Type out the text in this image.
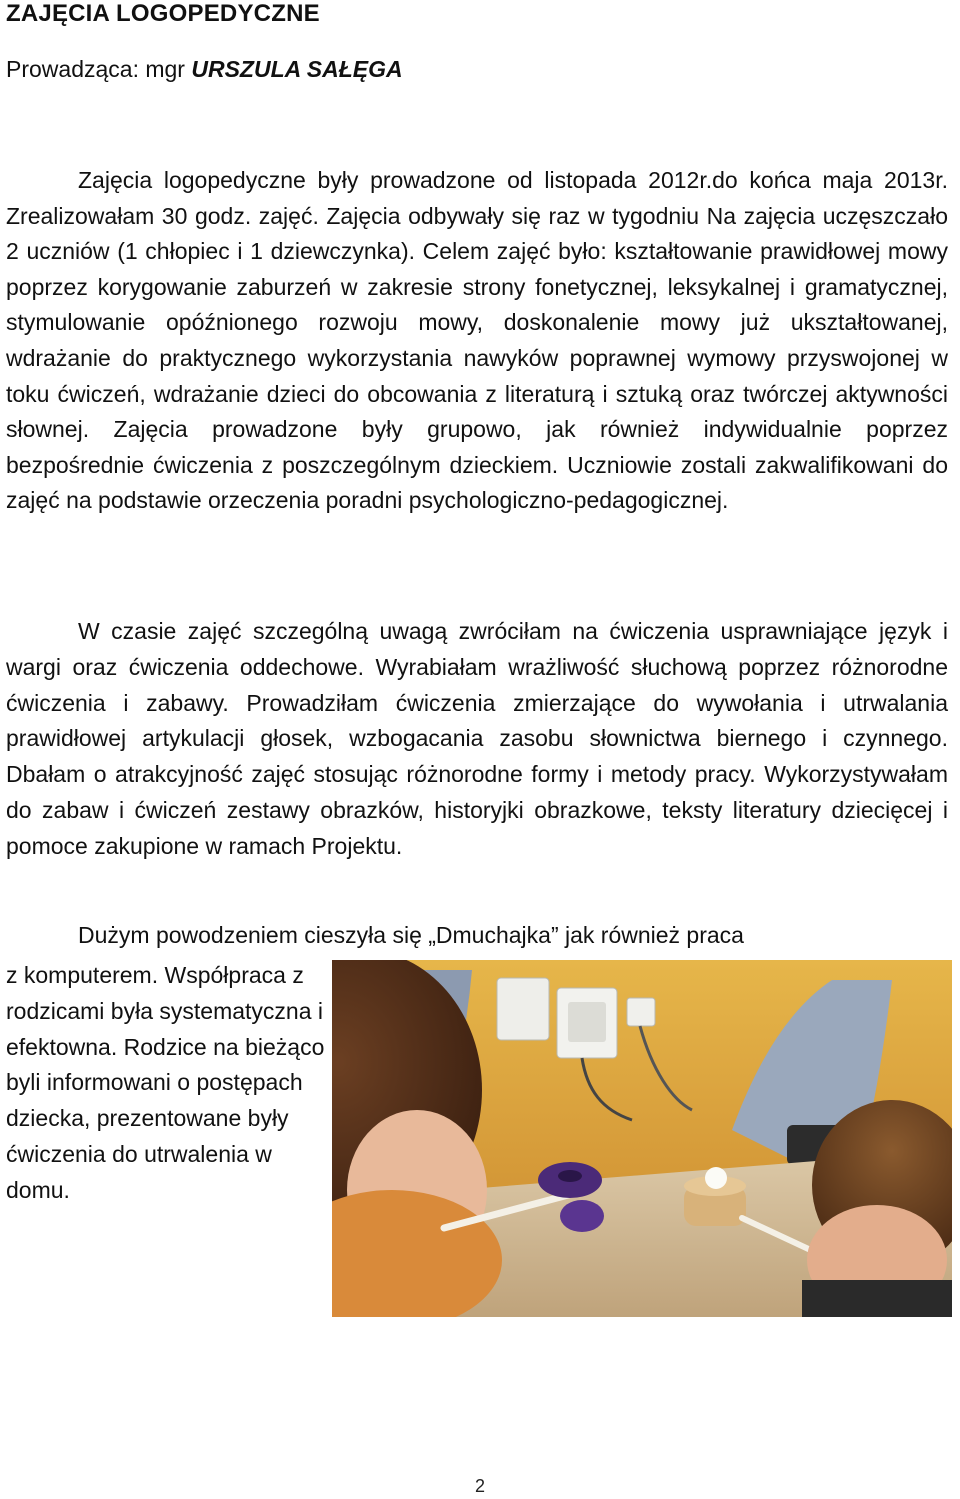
ZAJĘCIA LOGOPEDYCZNE

Prowadząca: mgr URSZULA SAŁĘGA

Zajęcia logopedyczne były prowadzone od listopada 2012r.do końca maja 2013r. Zrealizowałam 30 godz. zajęć. Zajęcia odbywały się raz w tygodniu Na zajęcia uczęszczało 2 uczniów (1 chłopiec i 1 dziewczynka). Celem zajęć było: kształtowanie prawidłowej mowy poprzez korygowanie zaburzeń w zakresie strony fonetycznej, leksykalnej i gramatycznej, stymulowanie opóźnionego rozwoju mowy, doskonalenie mowy już ukształtowanej, wdrażanie do praktycznego wykorzystania nawyków poprawnej wymowy przyswojonej w toku ćwiczeń, wdrażanie dzieci do obcowania z literaturą i sztuką oraz twórczej aktywności słownej. Zajęcia prowadzone były grupowo, jak również indywidualnie poprzez bezpośrednie ćwiczenia z poszczególnym dzieckiem. Uczniowie zostali zakwalifikowani do zajęć na podstawie orzeczenia poradni psychologiczno-pedagogicznej.

W czasie zajęć szczególną uwagą zwróciłam na ćwiczenia usprawniające język i wargi oraz ćwiczenia oddechowe. Wyrabiałam wrażliwość słuchową poprzez różnorodne ćwiczenia i zabawy. Prowadziłam ćwiczenia zmierzające do wywołania i utrwalania prawidłowej artykulacji głosek, wzbogacania zasobu słownictwa biernego i czynnego. Dbałam o atrakcyjność zajęć stosując różnorodne formy i metody pracy. Wykorzystywałam do zabaw i ćwiczeń zestawy obrazków, historyjki obrazkowe, teksty literatury dziecięcej i pomoce zakupione w ramach Projektu.

Dużym powodzeniem cieszyła się „Dmuchajka” jak również praca

z komputerem. Współpraca z rodzicami była systematyczna i efektowna. Rodzice na bieżąco byli informowani o postępach dziecka, prezentowane były ćwiczenia do utrwalenia w domu.

2
